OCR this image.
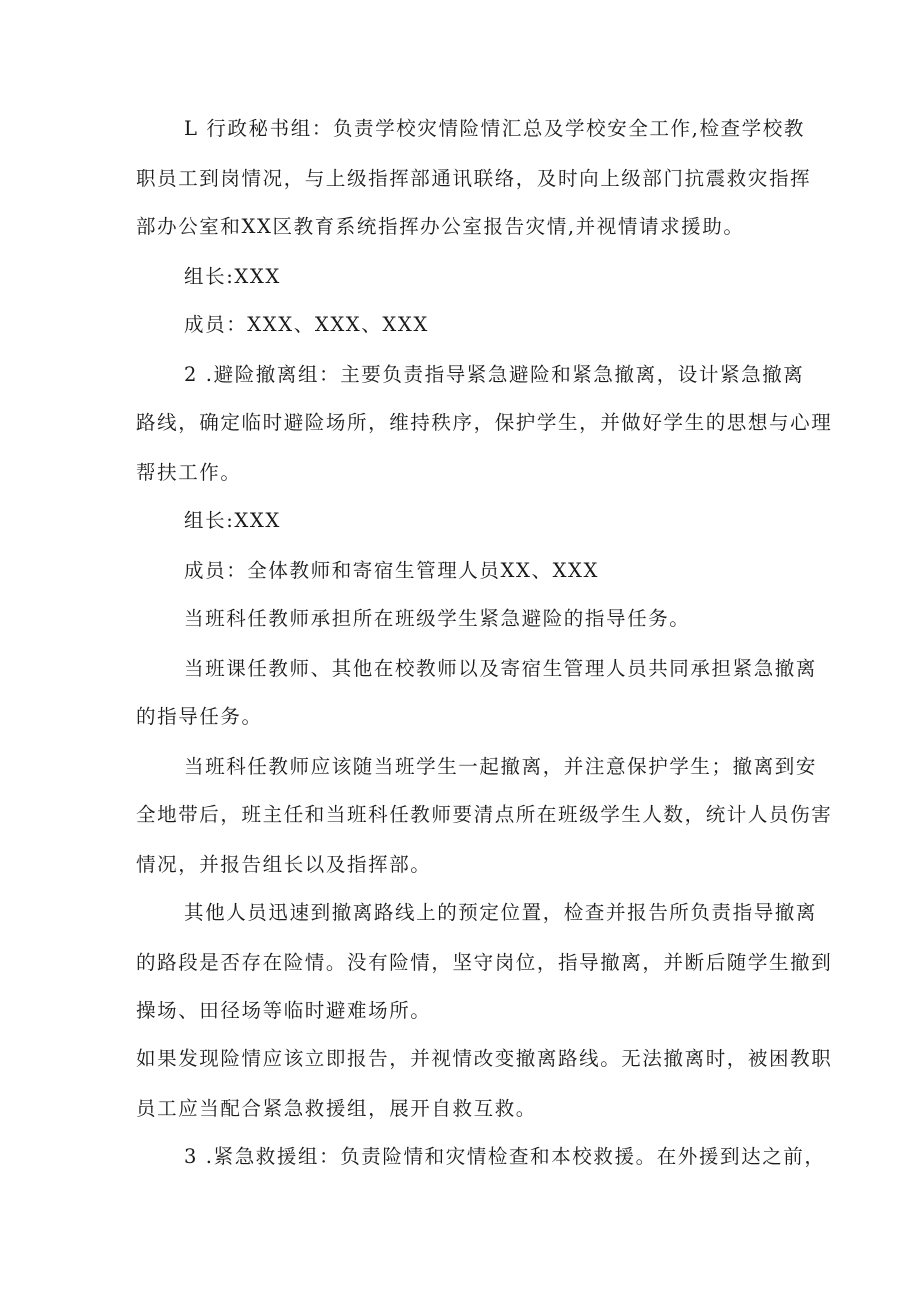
L 行政秘书组：负责学校灾情险情汇总及学校安全工作,检查学校教
职员工到岗情况，与上级指挥部通讯联络，及时向上级部门抗震救灾指挥
部办公室和XX区教育系统指挥办公室报告灾情,并视情请求援助。
组长:XXX
成员：XXX、XXX、XXX
2 .避险撤离组：主要负责指导紧急避险和紧急撤离，设计紧急撤离
路线，确定临时避险场所，维持秩序，保护学生，并做好学生的思想与心理
帮扶工作。
组长:XXX
成员：全体教师和寄宿生管理人员XX、XXX
当班科任教师承担所在班级学生紧急避险的指导任务。
当班课任教师、其他在校教师以及寄宿生管理人员共同承担紧急撤离
的指导任务。
当班科任教师应该随当班学生一起撤离，并注意保护学生；撤离到安
全地带后，班主任和当班科任教师要清点所在班级学生人数，统计人员伤害
情况，并报告组长以及指挥部。
其他人员迅速到撤离路线上的预定位置，检查并报告所负责指导撤离
的路段是否存在险情。没有险情，坚守岗位，指导撤离，并断后随学生撤到
操场、田径场等临时避难场所。
如果发现险情应该立即报告，并视情改变撤离路线。无法撤离时，被困教职
员工应当配合紧急救援组，展开自救互救。
3 .紧急救援组：负责险情和灾情检查和本校救援。在外援到达之前，
